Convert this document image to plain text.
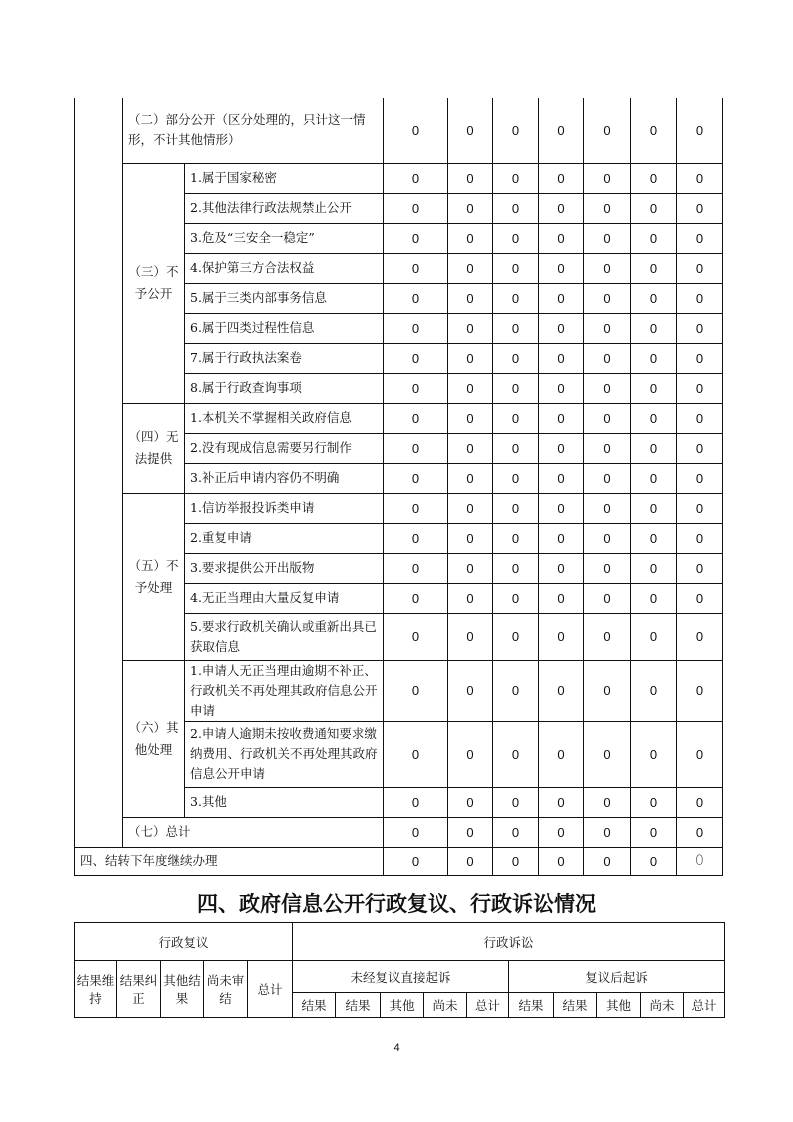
	（二）部分公开（区分处理的，只计这一情形，不计其他情形）		0	0	0	0	0	0	0
	（三）不予公开	1.属于国家秘密	0	0	0	0	0	0	0
		2.其他法律行政法规禁止公开	0	0	0	0	0	0	0
		3.危及“三安全一稳定”	0	0	0	0	0	0	0
		4.保护第三方合法权益	0	0	0	0	0	0	0
		5.属于三类内部事务信息	0	0	0	0	0	0	0
		6.属于四类过程性信息	0	0	0	0	0	0	0
		7.属于行政执法案卷	0	0	0	0	0	0	0
		8.属于行政查询事项	0	0	0	0	0	0	0
	（四）无法提供	1.本机关不掌握相关政府信息	0	0	0	0	0	0	0
		2.没有现成信息需要另行制作	0	0	0	0	0	0	0
		3.补正后申请内容仍不明确	0	0	0	0	0	0	0
	（五）不予处理	1.信访举报投诉类申请	0	0	0	0	0	0	0
		2.重复申请	0	0	0	0	0	0	0
		3.要求提供公开出版物	0	0	0	0	0	0	0
		4.无正当理由大量反复申请	0	0	0	0	0	0	0
		5.要求行政机关确认或重新出具已获取信息	0	0	0	0	0	0	0
	（六）其他处理	1.申请人无正当理由逾期不补正、行政机关不再处理其政府信息公开申请	0	0	0	0	0	0	0
		2.申请人逾期未按收费通知要求缴纳费用、行政机关不再处理其政府信息公开申请	0	0	0	0	0	0	0
		3.其他	0	0	0	0	0	0	0
	（七）总计		0	0	0	0	0	0	0
四、结转下年度继续办理			0	0	0	0	0	0	0
四、政府信息公开行政复议、行政诉讼情况
行政复议					行政诉讼									
结果维持	结果纠正	其他结果	尚未审结	总计	未经复议直接起诉					复议后起诉				
					结果	结果	其他	尚未	总计	结果	结果	其他	尚未	总计
4
